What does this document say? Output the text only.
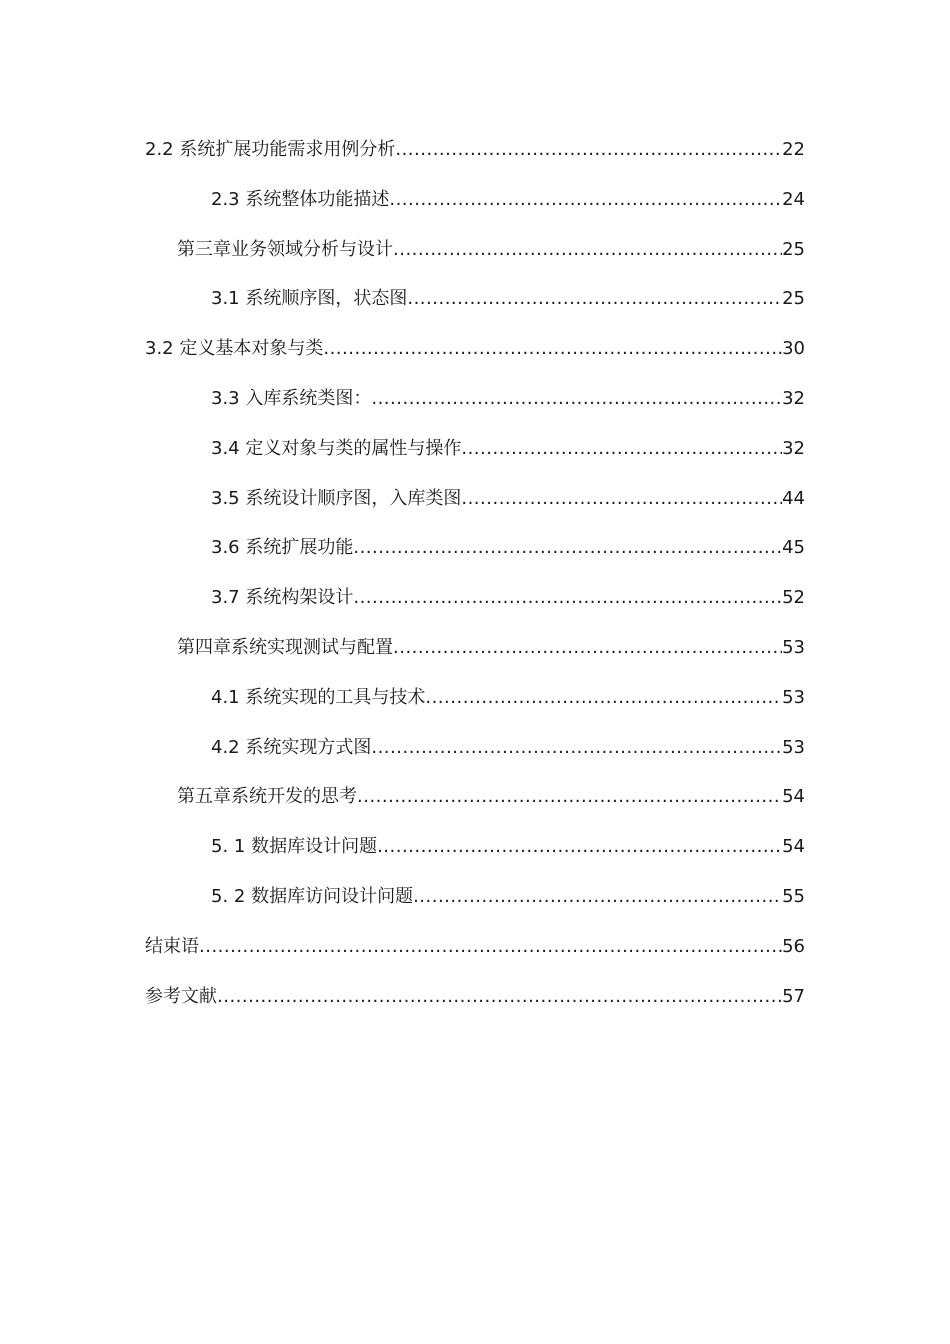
2.2 系统扩展功能需求用例分析 .....	22
2.3 系统整体功能描述 .....	24
第三章业务领域分析与设计 .....	25
3.1 系统顺序图，状态图 .....	25
3.2 定义基本对象与类 .....	30
3.3 入库系统类图： .....	32
3.4 定义对象与类的属性与操作 .....	32
3.5 系统设计顺序图，入库类图 .....	44
3.6 系统扩展功能 .....	45
3.7 系统构架设计 .....	52
第四章系统实现测试与配置 .....	53
4.1 系统实现的工具与技术 .....	53
4.2 系统实现方式图 .....	53
第五章系统开发的思考 .....	54
5. 1 数据库设计问题 .....	54
5. 2 数据库访问设计问题 .....	55
结束语 .....	56
参考文献 .....	57
